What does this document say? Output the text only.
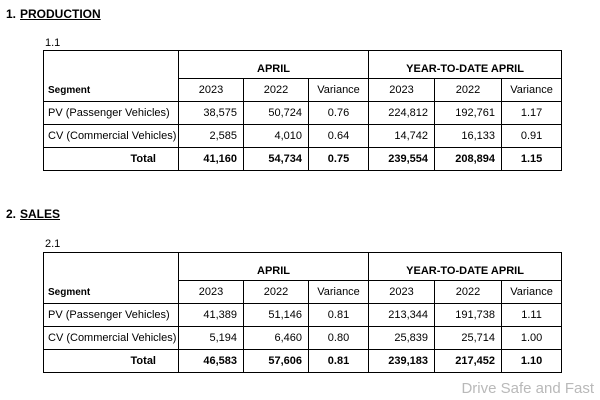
1. PRODUCTION
1.1
Segment	APRIL			YEAR-TO-DATE APRIL		
	2023	2022	Variance	2023	2022	Variance
PV (Passenger Vehicles)	38,575	50,724	0.76	224,812	192,761	1.17
CV (Commercial Vehicles)	2,585	4,010	0.64	14,742	16,133	0.91
Total	41,160	54,734	0.75	239,554	208,894	1.15
2. SALES
2.1
Segment	APRIL			YEAR-TO-DATE APRIL		
	2023	2022	Variance	2023	2022	Variance
PV (Passenger Vehicles)	41,389	51,146	0.81	213,344	191,738	1.11
CV (Commercial Vehicles)	5,194	6,460	0.80	25,839	25,714	1.00
Total	46,583	57,606	0.81	239,183	217,452	1.10
Drive Safe and Fast
